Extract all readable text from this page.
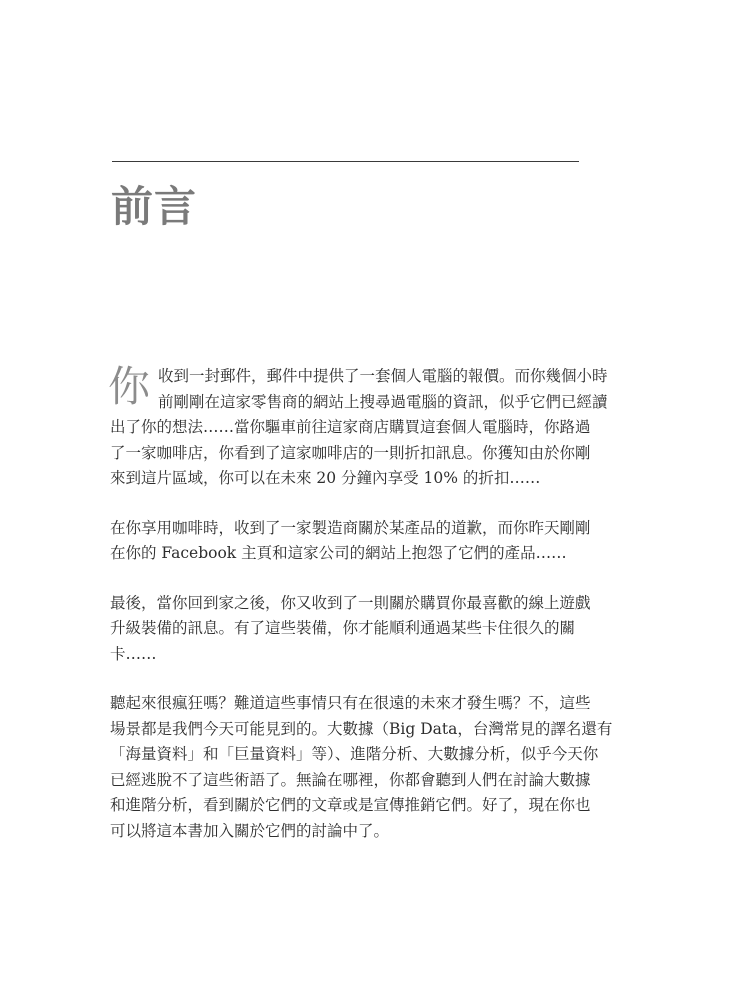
前言
你 收到一封郵件，郵件中提供了一套個人電腦的報價。而你幾個小時
前剛剛在這家零售商的網站上搜尋過電腦的資訊，似乎它們已經讀
出了你的想法……當你驅車前往這家商店購買這套個人電腦時，你路過
了一家咖啡店，你看到了這家咖啡店的一則折扣訊息。你獲知由於你剛
來到這片區域，你可以在未來 20 分鐘內享受 10% 的折扣……

在你享用咖啡時，收到了一家製造商關於某產品的道歉，而你昨天剛剛
在你的 Facebook 主頁和這家公司的網站上抱怨了它們的產品……

最後，當你回到家之後，你又收到了一則關於購買你最喜歡的線上遊戲
升級裝備的訊息。有了這些裝備，你才能順利通過某些卡住很久的關
卡……

聽起來很瘋狂嗎？難道這些事情只有在很遠的未來才發生嗎？不，這些
場景都是我們今天可能見到的。大數據（Big Data，台灣常見的譯名還有
「海量資料」和「巨量資料」等）、進階分析、大數據分析，似乎今天你
已經逃脫不了這些術語了。無論在哪裡，你都會聽到人們在討論大數據
和進階分析，看到關於它們的文章或是宣傳推銷它們。好了，現在你也
可以將這本書加入關於它們的討論中了。
